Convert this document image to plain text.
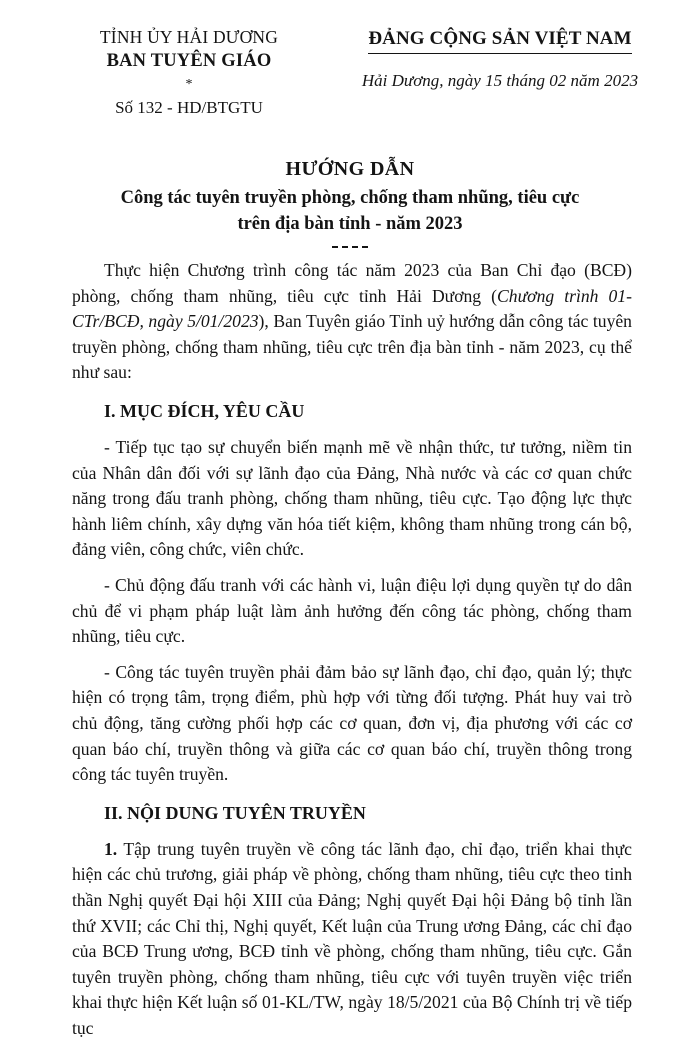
TỈNH ỦY HẢI DƯƠNG
BAN TUYÊN GIÁO
*
Số 132 - HD/BTGTU
ĐẢNG CỘNG SẢN VIỆT NAM
Hải Dương, ngày 15 tháng 02 năm 2023
HƯỚNG DẪN
Công tác tuyên truyền phòng, chống tham nhũng, tiêu cực
trên địa bàn tỉnh - năm 2023

Thực hiện Chương trình công tác năm 2023 của Ban Chỉ đạo (BCĐ) phòng, chống tham nhũng, tiêu cực tỉnh Hải Dương (Chương trình 01-CTr/BCĐ, ngày 5/01/2023), Ban Tuyên giáo Tỉnh uỷ hướng dẫn công tác tuyên truyền phòng, chống tham nhũng, tiêu cực trên địa bàn tỉnh - năm 2023, cụ thể như sau:

I. MỤC ĐÍCH, YÊU CẦU

- Tiếp tục tạo sự chuyển biến mạnh mẽ về nhận thức, tư tưởng, niềm tin của Nhân dân đối với sự lãnh đạo của Đảng, Nhà nước và các cơ quan chức năng trong đấu tranh phòng, chống tham nhũng, tiêu cực. Tạo động lực thực hành liêm chính, xây dựng văn hóa tiết kiệm, không tham nhũng trong cán bộ, đảng viên, công chức, viên chức.

- Chủ động đấu tranh với các hành vi, luận điệu lợi dụng quyền tự do dân chủ để vi phạm pháp luật làm ảnh hưởng đến công tác phòng, chống tham nhũng, tiêu cực.

- Công tác tuyên truyền phải đảm bảo sự lãnh đạo, chỉ đạo, quản lý; thực hiện có trọng tâm, trọng điểm, phù hợp với từng đối tượng. Phát huy vai trò chủ động, tăng cường phối hợp các cơ quan, đơn vị, địa phương với các cơ quan báo chí, truyền thông và giữa các cơ quan báo chí, truyền thông trong công tác tuyên truyền.

II. NỘI DUNG TUYÊN TRUYỀN

1. Tập trung tuyên truyền về công tác lãnh đạo, chỉ đạo, triển khai thực hiện các chủ trương, giải pháp về phòng, chống tham nhũng, tiêu cực theo tinh thần Nghị quyết Đại hội XIII của Đảng; Nghị quyết Đại hội Đảng bộ tỉnh lần thứ XVII; các Chỉ thị, Nghị quyết, Kết luận của Trung ương Đảng, các chỉ đạo của BCĐ Trung ương, BCĐ tỉnh về phòng, chống tham nhũng, tiêu cực. Gắn tuyên truyền phòng, chống tham nhũng, tiêu cực với tuyên truyền việc triển khai thực hiện Kết luận số 01-KL/TW, ngày 18/5/2021 của Bộ Chính trị về tiếp tục
